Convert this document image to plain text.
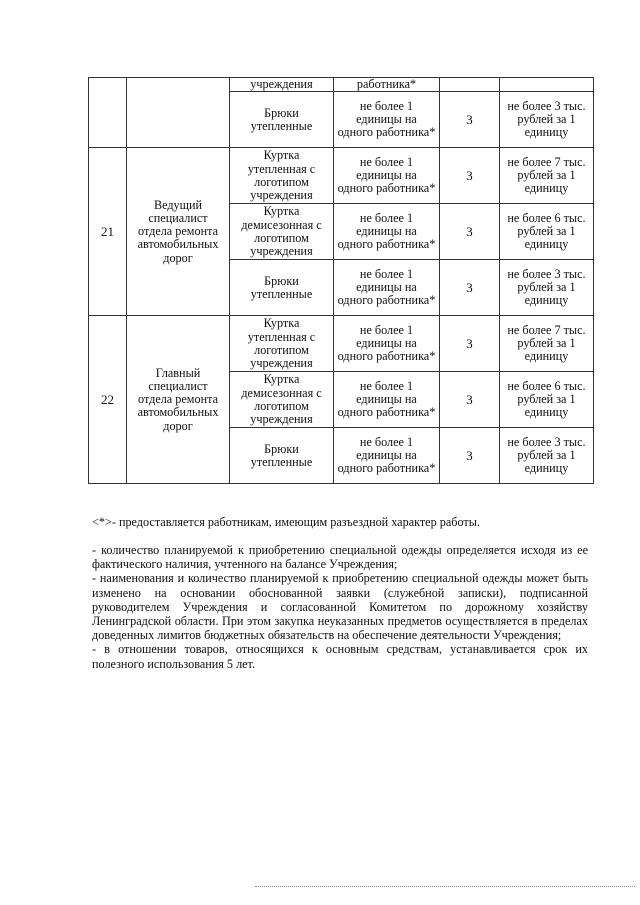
		учреждения	работника*		
		Брюки утепленные	не более 1 единицы на одного работника*	3	не более 3 тыс. рублей за 1 единицу
21	Ведущий специалист отдела ремонта автомобильных дорог	Куртка утепленная с логотипом учреждения	не более 1 единицы на одного работника*	3	не более 7 тыс. рублей за 1 единицу
		Куртка демисезонная с логотипом учреждения	не более 1 единицы на одного работника*	3	не более 6 тыс. рублей за 1 единицу
		Брюки утепленные	не более 1 единицы на одного работника*	3	не более 3 тыс. рублей за 1 единицу
22	Главный специалист отдела ремонта автомобильных дорог	Куртка утепленная с логотипом учреждения	не более 1 единицы на одного работника*	3	не более 7 тыс. рублей за 1 единицу
		Куртка демисезонная с логотипом учреждения	не более 1 единицы на одного работника*	3	не более 6 тыс. рублей за 1 единицу
		Брюки утепленные	не более 1 единицы на одного работника*	3	не более 3 тыс. рублей за 1 единицу
<*>- предоставляется работникам, имеющим разъездной характер работы.

- количество планируемой к приобретению специальной одежды определяется исходя из ее фактического наличия, учтенного на балансе Учреждения;

- наименования и количество планируемой к приобретению специальной одежды может быть изменено на основании обоснованной заявки (служебной записки), подписанной руководителем Учреждения и согласованной Комитетом по дорожному хозяйству Ленинградской области. При этом закупка неуказанных предметов осуществляется в пределах доведенных лимитов бюджетных обязательств на обеспечение деятельности Учреждения;

- в отношении товаров, относящихся к основным средствам, устанавливается срок их полезного использования 5 лет.
